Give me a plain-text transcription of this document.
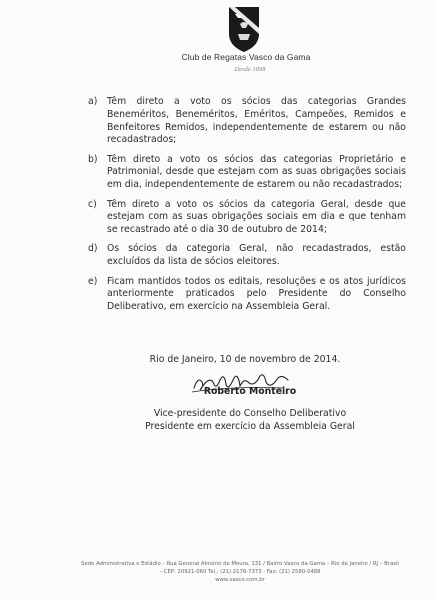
Club de Regatas Vasco da Gama
Desde 1898
a)	Têm direto a voto os sócios das categorias Grandes Beneméritos, Beneméritos, Eméritos, Campeões, Remidos e Benfeitores Remidos, independentemente de estarem ou não recadastrados;
b)	Têm direto a voto os sócios das categorias Proprietário e Patrimonial, desde que estejam com as suas obrigações sociais em dia, independentemente de estarem ou não recadastrados;
c)	Têm direto a voto os sócios da categoria Geral, desde que estejam com as suas obrigações sociais em dia e que tenham se recastrado até o dia 30 de outubro de 2014;
d)	Os sócios da categoria Geral, não recadastrados, estão excluídos da lista de sócios eleitores.
e)	Ficam mantidos todos os editais, resoluções e os atos jurídicos anteriormente praticados pelo Presidente do Conselho Deliberativo, em exercício na Assembleia Geral.
Rio de Janeiro, 10 de novembro de 2014.
Roberto Monteiro
Vice-presidente do Conselho Deliberativo
Presidente em exercício da Assembleia Geral
Sede Administrativa e Estádio – Rua General Almério de Moura, 131 / Bairro Vasco da Gama – Rio de Janeiro / RJ – Brasil
– CEP: 20921-060 Tel.: (21) 2176-7373 · Fax: (21) 2580-0488
www.vasco.com.br
